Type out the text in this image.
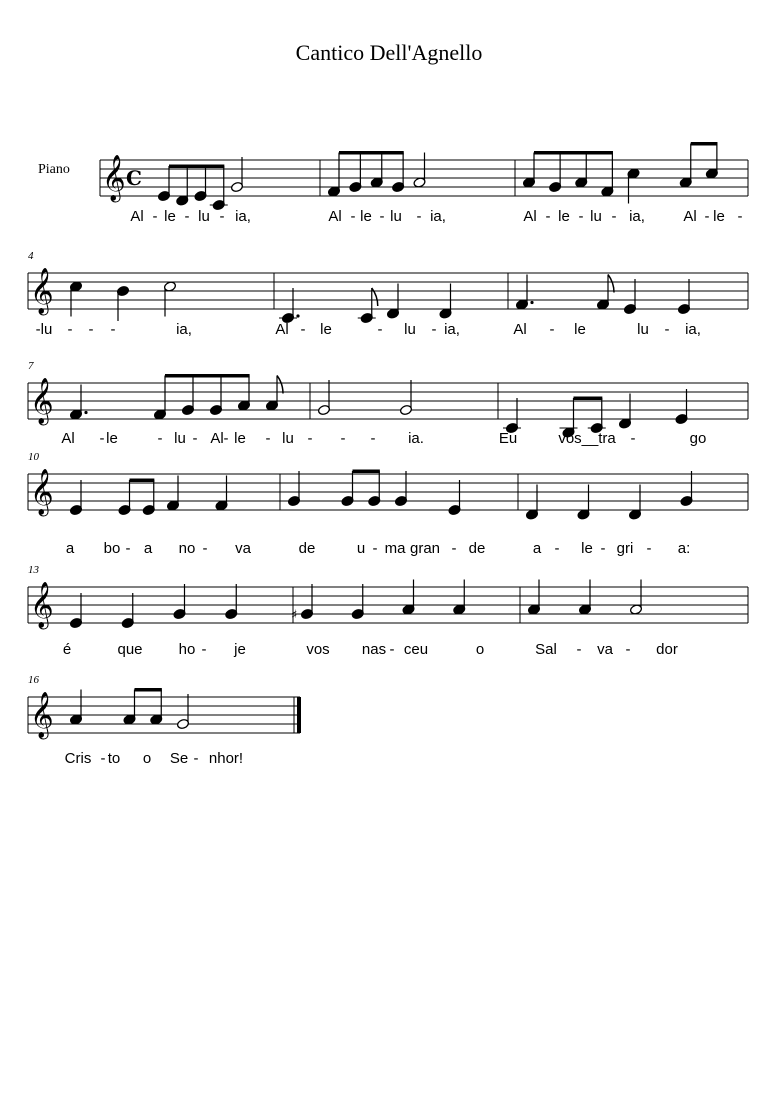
Cantico Dell'Agnello
Piano 𝄞 C
Al - le - lu - ia,	Al - le - lu - ia,	Al - le - lu - ia,	Al - le -
𝄞
4
-lu - - -	ia,	Al - le	- lu - ia,	Al - le	lu - ia,
𝄞
7
Al - le	- lu - Al - le - lu - - - ia.	Eu	vos __ tra -	go
𝄞
10
a bo - a no - va	de	u - ma gran - de	a - le - gri - a:
𝄞
13
♯
é	que ho - je	vos nas - ceu	o	Sal - va - dor
𝄞
16
Cris - to o Se - nhor!
